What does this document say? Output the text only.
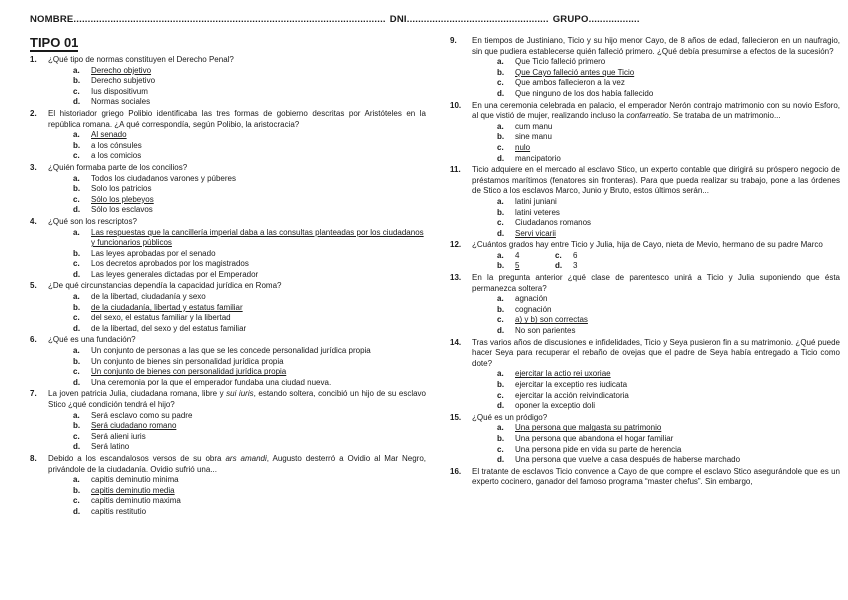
NOMBRE.............................................................................................................. DNI.................................................. GRUPO..................
TIPO 01
1.	¿Qué tipo de normas constituyen el Derecho Penal?
a.	Derecho objetivo
b.	Derecho subjetivo
c.	Ius dispositivum
d.	Normas sociales
2.	El historiador griego Polibio identificaba las tres formas de gobierno descritas por Aristóteles en la república romana. ¿A qué correspondía, según Polibio, la aristocracia?
a.	Al senado
b.	a los cónsules
c.	a los comicios
3.	¿Quién formaba parte de los concilios?
a.	Todos los ciudadanos varones y púberes
b.	Solo los patricios
c.	Sólo los plebeyos
d.	Sólo los esclavos
4.	¿Qué son los rescriptos?
a.	Las respuestas que la cancillería imperial daba a las consultas planteadas por los ciudadanos y funcionarios públicos
b.	Las leyes aprobadas por el senado
c.	Los decretos aprobados por los magistrados
d.	Las leyes generales dictadas por el Emperador
5.	¿De qué circunstancias dependía la capacidad jurídica en Roma?
a.	de la libertad, ciudadanía y sexo
b.	de la ciudadanía, libertad y estatus familiar
c.	del sexo, el estatus familiar y la libertad
d.	de la libertad, del sexo y del estatus familiar
6.	¿Qué es una fundación?
a.	Un conjunto de personas a las que se les concede personalidad jurídica propia
b.	Un conjunto de bienes sin personalidad jurídica propia
c.	Un conjunto de bienes con personalidad jurídica propia
d.	Una ceremonia por la que el emperador fundaba una ciudad nueva.
7.	La joven patricia Julia, ciudadana romana, libre y sui iuris, estando soltera, concibió un hijo de su esclavo Stico ¿qué condición tendrá el hijo?
a.	Será esclavo como su padre
b.	Será ciudadano romano
c.	Será alieni iuris
d.	Será latino
8.	Debido a los escandalosos versos de su obra ars amandi, Augusto desterró a Ovidio al Mar Negro, privándole de la ciudadanía. Ovidio sufrió una...
a.	capitis deminutio minima
b.	capitis deminutio media
c.	capitis deminutio maxima
d.	capitis restitutio
9.	En tiempos de Justiniano, Ticio y su hijo menor Cayo, de 8 años de edad, fallecieron en un naufragio, sin que pudiera establecerse quién falleció primero. ¿Qué debía presumirse a efectos de la sucesión?
a.	Que Ticio falleció primero
b.	Que Cayo falleció antes que Ticio
c.	Que ambos fallecieron a la vez
d.	Que ninguno de los dos había fallecido
10.	En una ceremonia celebrada en palacio, el emperador Nerón contrajo matrimonio con su novio Esforo, al que vistió de mujer, realizando incluso la confarreatio. Se trataba de un matrimonio...
a.	cum manu
b.	sine manu
c.	nulo
d.	mancipatorio
11.	Ticio adquiere en el mercado al esclavo Stico, un experto contable que dirigirá su próspero negocio de préstamos marítimos (fenatores sin fronteras). Para que pueda realizar su trabajo, pone a las órdenes de Stico a los esclavos Marco, Junio y Bruto, estos últimos serán...
a.	latini juniani
b.	latini veteres
c.	Ciudadanos romanos
d.	Servi vicarii
12.	¿Cuántos grados hay entre Ticio y Julia, hija de Cayo, nieta de Mevio, hermano de su padre Marco
a.	4	c.	6
b.	5	d.	3
13.	En la pregunta anterior ¿qué clase de parentesco unirá a Ticio y Julia suponiendo que ésta permanezca soltera?
a.	agnación
b.	cognación
c.	a) y b) son correctas
d.	No son parientes
14.	Tras varios años de discusiones e infidelidades, Ticio y Seya pusieron fin a su matrimonio. ¿Qué puede hacer Seya para recuperar el rebaño de ovejas que el padre de Seya había entregado a Ticio como dote?
a.	ejercitar la actio rei uxoriae
b.	ejercitar la exceptio res iudicata
c.	ejercitar la acción reivindicatoria
d.	oponer la exceptio doli
15.	¿Qué es un pródigo?
a.	Una persona que malgasta su patrimonio
b.	Una persona que abandona el hogar familiar
c.	Una persona pide en vida su parte de herencia
d.	Una persona que vuelve a casa después de haberse marchado
16.	El tratante de esclavos Ticio convence a Cayo de que compre el esclavo Stico asegurándole que es un experto cocinero, ganador del famoso programa “master chefus”. Sin embargo,
